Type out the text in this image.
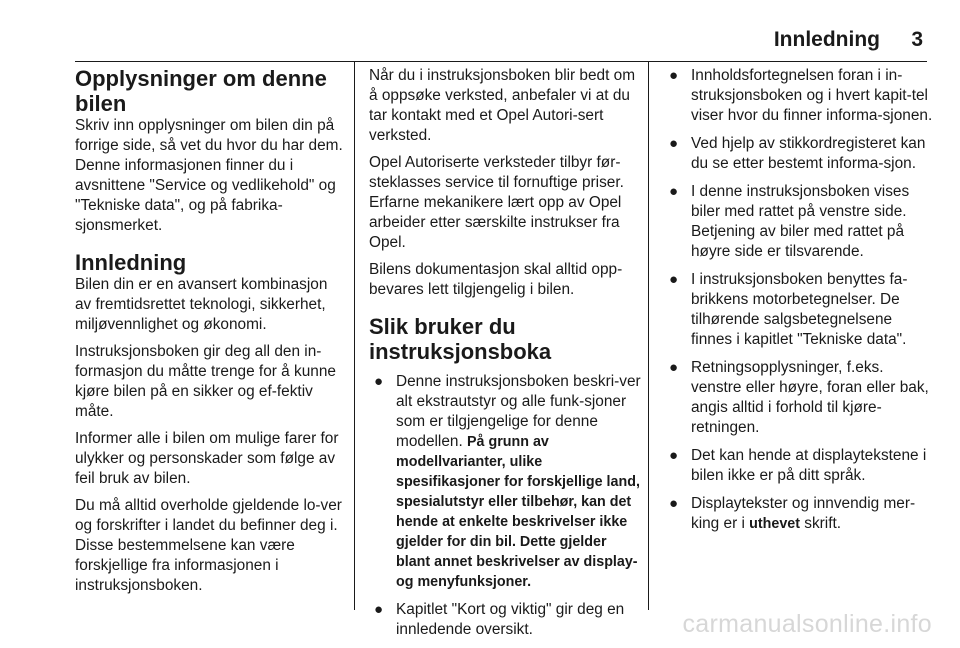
Innledning 3
Opplysninger om denne bilen

Skriv inn opplysninger om bilen din på forrige side, så vet du hvor du har dem. Denne informasjonen finner du i avsnittene "Service og vedlikehold" og "Tekniske data", og på fabrika-sjonsmerket.

Innledning

Bilen din er en avansert kombinasjon av fremtidsrettet teknologi, sikkerhet, miljøvennlighet og økonomi.

Instruksjonsboken gir deg all den in-formasjon du måtte trenge for å kunne kjøre bilen på en sikker og ef-fektiv måte.

Informer alle i bilen om mulige farer for ulykker og personskader som følge av feil bruk av bilen.

Du må alltid overholde gjeldende lo-ver og forskrifter i landet du befinner deg i. Disse bestemmelsene kan være forskjellige fra informasjonen i instruksjonsboken.

Når du i instruksjonsboken blir bedt om å oppsøke verksted, anbefaler vi at du tar kontakt med et Opel Autori-sert verksted.

Opel Autoriserte verksteder tilbyr før-steklasses service til fornuftige priser. Erfarne mekanikere lært opp av Opel arbeider etter særskilte instrukser fra Opel.

Bilens dokumentasjon skal alltid opp-bevares lett tilgjengelig i bilen.

Slik bruker du instruksjonsboka
● Denne instruksjonsboken beskri-ver alt ekstrautstyr og alle funk-sjoner som er tilgjengelige for denne modellen. På grunn av modellvarianter, ulike spesifikasjoner for forskjellige land, spesialutstyr eller tilbehør, kan det hende at enkelte beskrivelser ikke gjelder for din bil. Dette gjelder blant annet beskrivelser av display- og menyfunksjoner.
● Kapitlet "Kort og viktig" gir deg en innledende oversikt.
● Innholdsfortegnelsen foran i in-struksjonsboken og i hvert kapit-tel viser hvor du finner informa-sjonen.
● Ved hjelp av stikkordregisteret kan du se etter bestemt informa-sjon.
● I denne instruksjonsboken vises biler med rattet på venstre side. Betjening av biler med rattet på høyre side er tilsvarende.
● I instruksjonsboken benyttes fa-brikkens motorbetegnelser. De tilhørende salgsbetegnelsene finnes i kapitlet "Tekniske data".
● Retningsopplysninger, f.eks. venstre eller høyre, foran eller bak, angis alltid i forhold til kjøre-retningen.
● Det kan hende at displaytekstene i bilen ikke er på ditt språk.
● Displaytekster og innvendig mer-king er i uthevet skrift.
carmanualsonline.info
